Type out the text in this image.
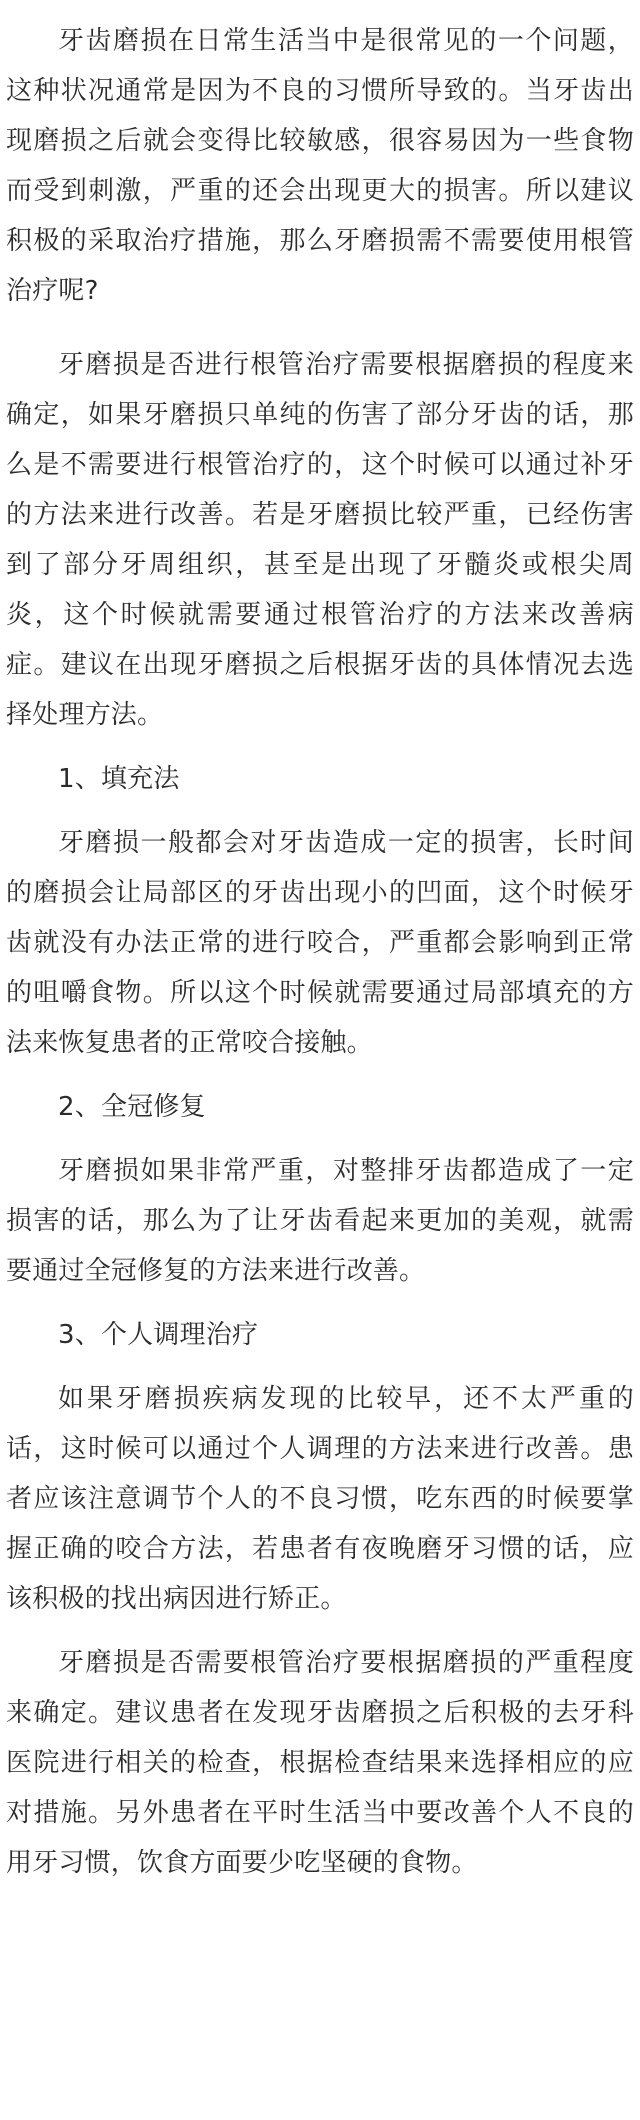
牙齿磨损在日常生活当中是很常见的一个问题，这种状况通常是因为不良的习惯所导致的。当牙齿出现磨损之后就会变得比较敏感，很容易因为一些食物而受到刺激，严重的还会出现更大的损害。所以建议积极的采取治疗措施，那么牙磨损需不需要使用根管治疗呢?

牙磨损是否进行根管治疗需要根据磨损的程度来确定，如果牙磨损只单纯的伤害了部分牙齿的话，那么是不需要进行根管治疗的，这个时候可以通过补牙的方法来进行改善。若是牙磨损比较严重，已经伤害到了部分牙周组织，甚至是出现了牙髓炎或根尖周炎，这个时候就需要通过根管治疗的方法来改善病症。建议在出现牙磨损之后根据牙齿的具体情况去选择处理方法。

1、填充法

牙磨损一般都会对牙齿造成一定的损害，长时间的磨损会让局部区的牙齿出现小的凹面，这个时候牙齿就没有办法正常的进行咬合，严重都会影响到正常的咀嚼食物。所以这个时候就需要通过局部填充的方法来恢复患者的正常咬合接触。

2、全冠修复

牙磨损如果非常严重，对整排牙齿都造成了一定损害的话，那么为了让牙齿看起来更加的美观，就需要通过全冠修复的方法来进行改善。

3、个人调理治疗

如果牙磨损疾病发现的比较早，还不太严重的话，这时候可以通过个人调理的方法来进行改善。患者应该注意调节个人的不良习惯，吃东西的时候要掌握正确的咬合方法，若患者有夜晚磨牙习惯的话，应该积极的找出病因进行矫正。

牙磨损是否需要根管治疗要根据磨损的严重程度来确定。建议患者在发现牙齿磨损之后积极的去牙科医院进行相关的检查，根据检查结果来选择相应的应对措施。另外患者在平时生活当中要改善个人不良的用牙习惯，饮食方面要少吃坚硬的食物。
